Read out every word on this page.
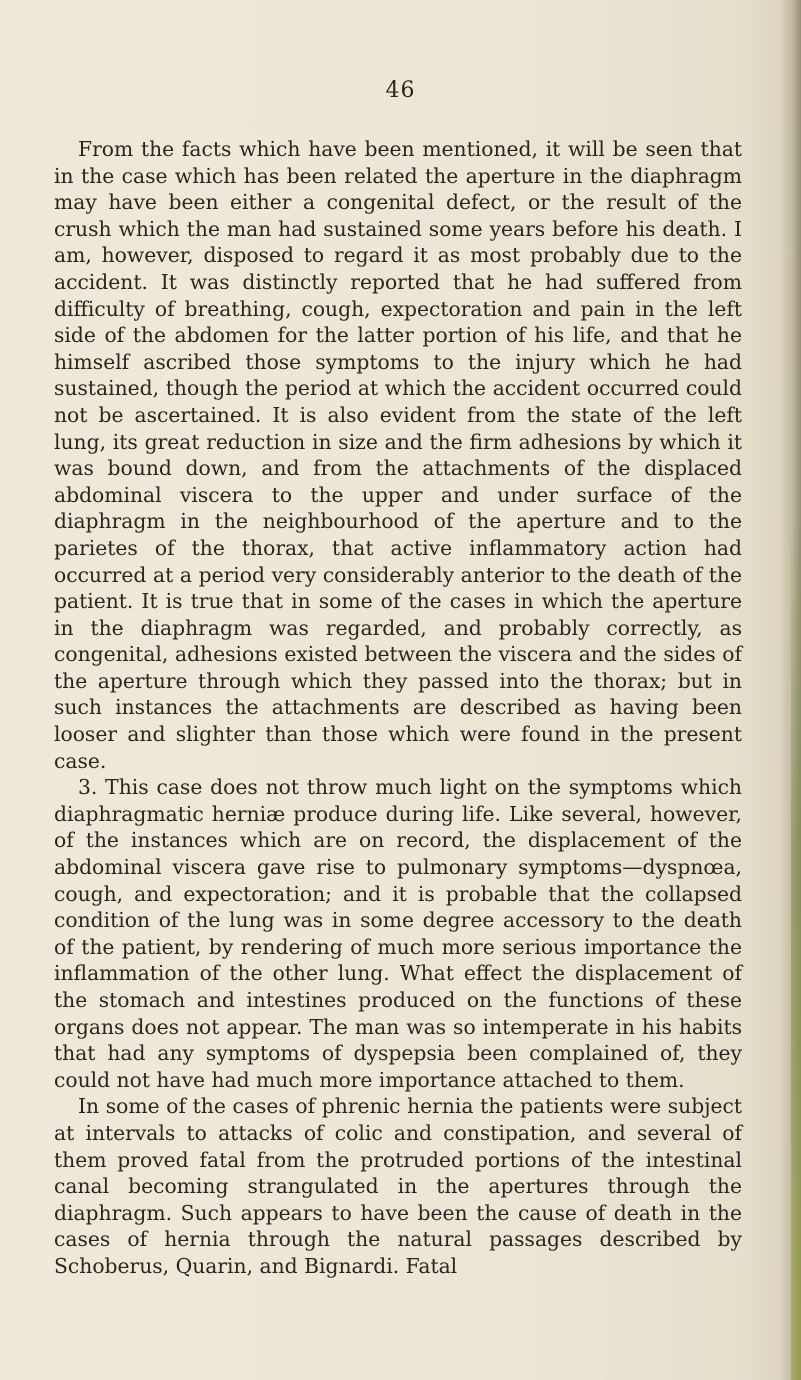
46

From the facts which have been mentioned, it will be seen that in the case which has been related the aperture in the diaphragm may have been either a congenital defect, or the result of the crush which the man had sustained some years before his death. I am, however, disposed to regard it as most probably due to the accident. It was distinctly reported that he had suffered from difficulty of breathing, cough, expectoration and pain in the left side of the abdomen for the latter portion of his life, and that he himself ascribed those symptoms to the injury which he had sustained, though the period at which the accident occurred could not be ascertained. It is also evident from the state of the left lung, its great reduction in size and the firm adhesions by which it was bound down, and from the attachments of the displaced abdominal viscera to the upper and under surface of the diaphragm in the neighbourhood of the aperture and to the parietes of the thorax, that active inflammatory action had occurred at a period very considerably anterior to the death of the patient. It is true that in some of the cases in which the aperture in the diaphragm was regarded, and probably correctly, as congenital, adhesions existed between the viscera and the sides of the aperture through which they passed into the thorax; but in such instances the attachments are described as having been looser and slighter than those which were found in the present case.

3. This case does not throw much light on the symptoms which diaphragmatic herniæ produce during life. Like several, however, of the instances which are on record, the displacement of the abdominal viscera gave rise to pulmonary symptoms—dyspnœa, cough, and expectoration; and it is probable that the collapsed condition of the lung was in some degree accessory to the death of the patient, by rendering of much more serious importance the inflammation of the other lung. What effect the displacement of the stomach and intestines produced on the functions of these organs does not appear. The man was so intemperate in his habits that had any symptoms of dyspepsia been complained of, they could not have had much more importance attached to them.

In some of the cases of phrenic hernia the patients were subject at intervals to attacks of colic and constipation, and several of them proved fatal from the protruded portions of the intestinal canal becoming strangulated in the apertures through the diaphragm. Such appears to have been the cause of death in the cases of hernia through the natural passages described by Schoberus, Quarin, and Bignardi. Fatal
